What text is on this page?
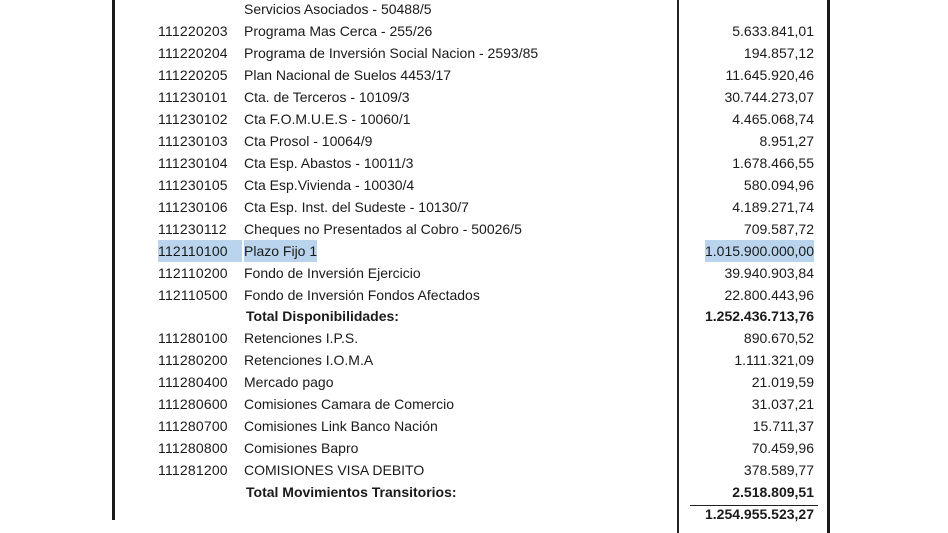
Servicios Asociados - 50488/5
111220203	Programa Mas Cerca - 255/26	5.633.841,01
111220204	Programa de Inversión Social Nacion - 2593/85	194.857,12
111220205	Plan Nacional de Suelos 4453/17	11.645.920,46
111230101	Cta. de Terceros - 10109/3	30.744.273,07
111230102	Cta F.O.M.U.E.S - 10060/1	4.465.068,74
111230103	Cta Prosol - 10064/9	8.951,27
111230104	Cta Esp. Abastos - 10011/3	1.678.466,55
111230105	Cta Esp.Vivienda - 10030/4	580.094,96
111230106	Cta Esp. Inst. del Sudeste - 10130/7	4.189.271,74
111230112	Cheques no Presentados al Cobro - 50026/5	709.587,72
112110100	Plazo Fijo 1	1.015.900.000,00
112110200	Fondo de Inversión Ejercicio	39.940.903,84
112110500	Fondo de Inversión Fondos Afectados	22.800.443,96
Total Disponibilidades:	1.252.436.713,76
111280100	Retenciones I.P.S.	890.670,52
111280200	Retenciones I.O.M.A	1.111.321,09
111280400	Mercado pago	21.019,59
111280600	Comisiones Camara de Comercio	31.037,21
111280700	Comisiones Link Banco Nación	15.711,37
111280800	Comisiones Bapro	70.459,96
111281200	COMISIONES VISA DEBITO	378.589,77
Total Movimientos Transitorios:	2.518.809,51
1.254.955.523,27
